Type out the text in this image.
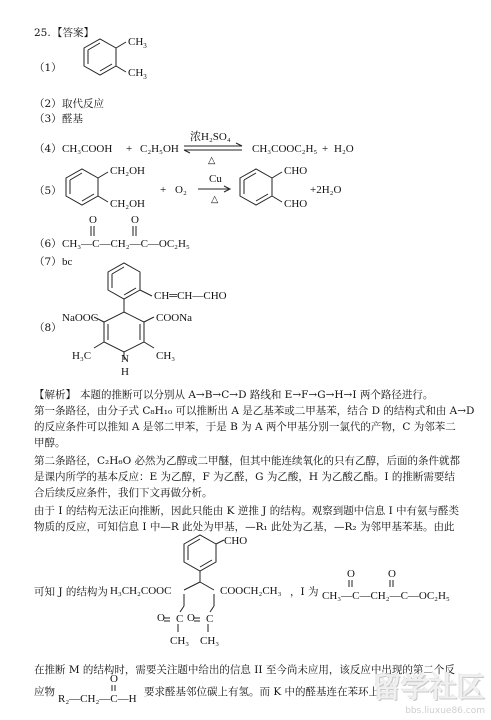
25. 【答案】
（1）
$CH_3$
$CH_3$
（2） 取代反应
（3） 醛基
（4） CH₃COOH + C₂H₅OH
浓H₂SO₄
△
CH₃COOC₂H₅ + H₂O
（5）
CH₂OH
CH₂OH
+ O₂
Cu
△
CHO
CHO
+2H₂O
（6）
O	O
CH₃—C—CH₂—C—OC₂H₅
（7） bc
（8）
CH═CH—CHO
NaOOC	COONa
N
H
H₃C	CH₃
【解析】 本题的推断可以分别从 A→B→C→D 路线和 E→F→G→H→I 两个路径进行。
第一条路径，由分子式 C₈H₁₀ 可以推断出 A 是乙基苯或二甲基苯，结合 D 的结构式和由 A→D
的反应条件可以推知 A 是邻二甲苯，于是 B 为 A 两个甲基分别一氯代的产物，C 为邻苯二
甲醇。
第二条路径，C₂H₆O 必然为乙醇或二甲醚，但其中能连续氧化的只有乙醇，后面的条件就都
是课内所学的基本反应：E 为乙醇，F 为乙醛，G 为乙酸，H 为乙酸乙酯。I 的推断需要结
合后续反应条件，我们下文再做分析。
由于 I 的结构无法正向推断，因此只能由 K 逆推 J 的结构。观察到题中信息 I 中有氨与醛类
物质的反应，可知信息 I 中—R 此处为甲基，—R₁ 此处为乙基，—R₂ 为邻甲基苯基。由此
CHO
可知 J 的结构为 H₃CH₂COOC	COOCH₂CH₃
C C
O O
CH₃ CH₃
，I 为
O	O
CH₃—C—CH₂—C—OC₂H₅
在推断 M 的结构时，需要关注题中给出的信息 II 至今尚未应用，该反应中出现的第二个反
应物
O
R₂—CH₂—C—H
要求醛基邻位碳上有氢。而 K 中的醛基连在苯环上，
留学社区
bbs.liuxue86.com
